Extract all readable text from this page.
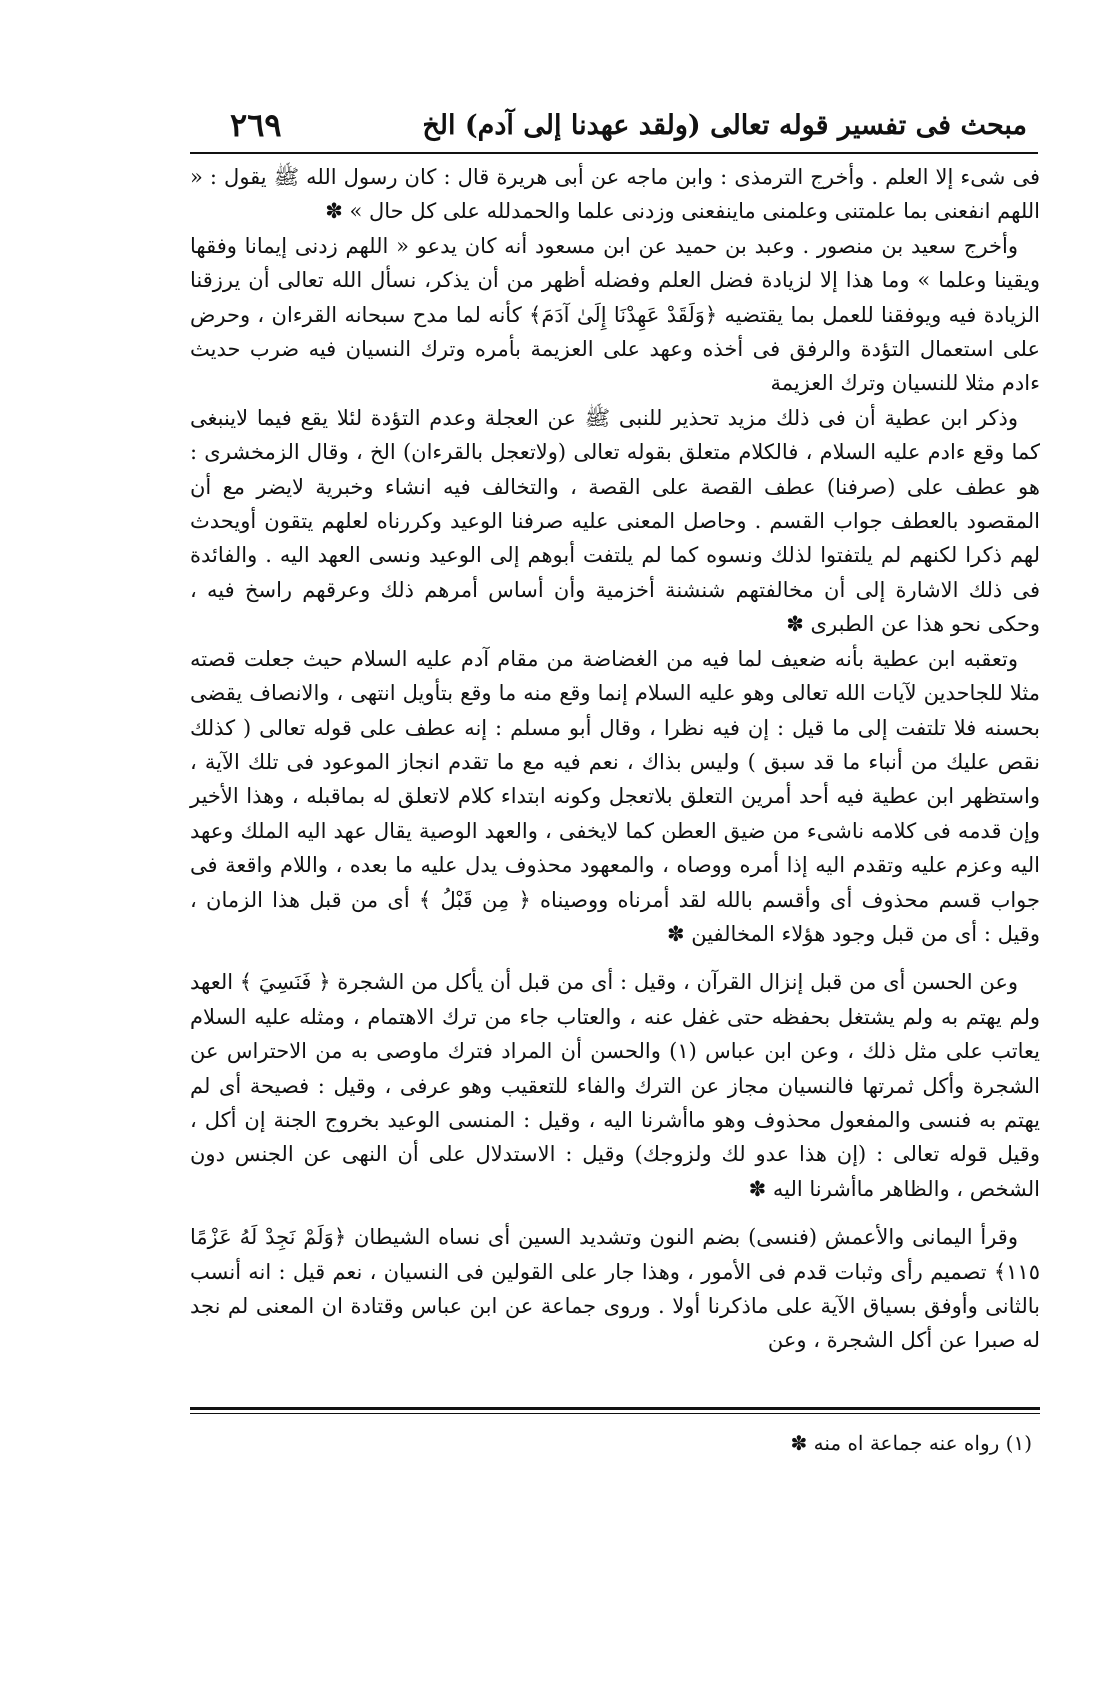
مبحث فى تفسير قوله تعالى (ولقد عهدنا إلى آدم) الخ
٢٦٩

فى شىء إلا العلم . وأخرج الترمذى : وابن ماجه عن أبى هريرة قال : كان رسول الله ﷺ يقول : « اللهم انفعنى بما علمتنى وعلمنى ماينفعنى وزدنى علما والحمدلله على كل حال » ✽

وأخرج سعيد بن منصور . وعبد بن حميد عن ابن مسعود أنه كان يدعو « اللهم زدنى إيمانا وفقها ويقينا وعلما » وما هذا إلا لزيادة فضل العلم وفضله أظهر من أن يذكر، نسأل الله تعالى أن يرزقنا الزيادة فيه ويوفقنا للعمل بما يقتضيه ﴿وَلَقَدْ عَهِدْنَا إِلَىٰ آدَمَ﴾ كأنه لما مدح سبحانه القرءان ، وحرض على استعمال التؤدة والرفق فى أخذه وعهد على العزيمة بأمره وترك النسيان فيه ضرب حديث ءادم مثلا للنسيان وترك العزيمة

وذكر ابن عطية أن فى ذلك مزيد تحذير للنبى ﷺ عن العجلة وعدم التؤدة لئلا يقع فيما لاينبغى كما وقع ءادم عليه السلام ، فالكلام متعلق بقوله تعالى (ولاتعجل بالقرءان) الخ ، وقال الزمخشرى : هو عطف على (صرفنا) عطف القصة على القصة ، والتخالف فيه انشاء وخبرية لايضر مع أن المقصود بالعطف جواب القسم . وحاصل المعنى عليه صرفنا الوعيد وكررناه لعلهم يتقون أويحدث لهم ذكرا لكنهم لم يلتفتوا لذلك ونسوه كما لم يلتفت أبوهم إلى الوعيد ونسى العهد اليه . والفائدة فى ذلك الاشارة إلى أن مخالفتهم شنشنة أخزمية وأن أساس أمرهم ذلك وعرقهم راسخ فيه ، وحكى نحو هذا عن الطبرى ✽

وتعقبه ابن عطية بأنه ضعيف لما فيه من الغضاضة من مقام آدم عليه السلام حيث جعلت قصته مثلا للجاحدين لآيات الله تعالى وهو عليه السلام إنما وقع منه ما وقع بتأويل انتهى ، والانصاف يقضى بحسنه فلا تلتفت إلى ما قيل : إن فيه نظرا ، وقال أبو مسلم : إنه عطف على قوله تعالى ( كذلك نقص عليك من أنباء ما قد سبق ) وليس بذاك ، نعم فيه مع ما تقدم انجاز الموعود فى تلك الآية ، واستظهر ابن عطية فيه أحد أمرين التعلق بلاتعجل وكونه ابتداء كلام لاتعلق له بماقبله ، وهذا الأخير وإن قدمه فى كلامه ناشىء من ضيق العطن كما لايخفى ، والعهد الوصية يقال عهد اليه الملك وعهد اليه وعزم عليه وتقدم اليه إذا أمره ووصاه ، والمعهود محذوف يدل عليه ما بعده ، واللام واقعة فى جواب قسم محذوف أى وأقسم بالله لقد أمرناه ووصيناه ﴿ مِن قَبْلُ ﴾ أى من قبل هذا الزمان ، وقيل : أى من قبل وجود هؤلاء المخالفين ✽

وعن الحسن أى من قبل إنزال القرآن ، وقيل : أى من قبل أن يأكل من الشجرة ﴿ فَنَسِيَ ﴾ العهد ولم يهتم به ولم يشتغل بحفظه حتى غفل عنه ، والعتاب جاء من ترك الاهتمام ، ومثله عليه السلام يعاتب على مثل ذلك ، وعن ابن عباس (١) والحسن أن المراد فترك ماوصى به من الاحتراس عن الشجرة وأكل ثمرتها فالنسيان مجاز عن الترك والفاء للتعقيب وهو عرفى ، وقيل : فصيحة أى لم يهتم به فنسى والمفعول محذوف وهو ماأشرنا اليه ، وقيل : المنسى الوعيد بخروج الجنة إن أكل ، وقيل قوله تعالى : (إن هذا عدو لك ولزوجك) وقيل : الاستدلال على أن النهى عن الجنس دون الشخص ، والظاهر ماأشرنا اليه ✽

وقرأ اليمانى والأعمش (فنسى) بضم النون وتشديد السين أى نساه الشيطان ﴿وَلَمْ نَجِدْ لَهُ عَزْمًا ١١٥﴾ تصميم رأى وثبات قدم فى الأمور ، وهذا جار على القولين فى النسيان ، نعم قيل : انه أنسب بالثانى وأوفق بسياق الآية على ماذكرنا أولا . وروى جماعة عن ابن عباس وقتادة ان المعنى لم نجد له صبرا عن أكل الشجرة ، وعن

(١) رواه عنه جماعة اه منه ✽
